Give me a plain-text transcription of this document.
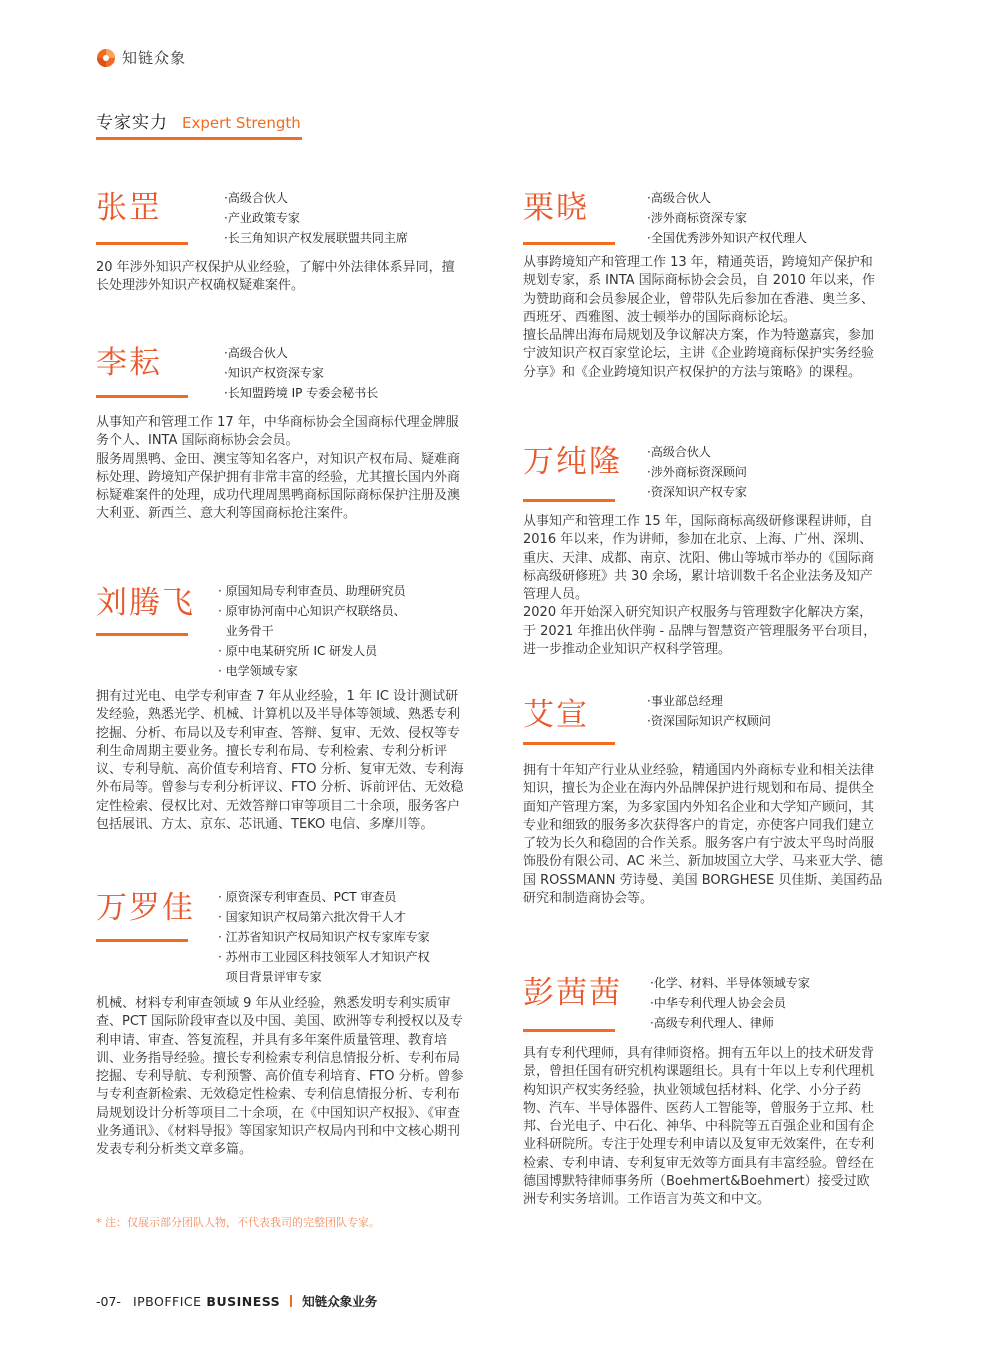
知链众象
专家实力 Expert Strength
张罡	·高级合伙人
·产业政策专家
·长三角知识产权发展联盟共同主席

20 年涉外知识产权保护从业经验，了解中外法律体系异同，擅长处理涉外知识产权确权疑难案件。

李耘	·高级合伙人
·知识产权资深专家
·长知盟跨境 IP 专委会秘书长

从事知产和管理工作 17 年，中华商标协会全国商标代理金牌服务个人、INTA 国际商标协会会员。

服务周黑鸭、金田、澳宝等知名客户，对知识产权布局、疑难商标处理、跨境知产保护拥有非常丰富的经验，尤其擅长国内外商标疑难案件的处理，成功代理周黑鸭商标国际商标保护注册及澳大利亚、新西兰、意大利等国商标抢注案件。

刘腾飞	· 原国知局专利审查员、助理研究员
· 原审协河南中心知识产权联络员、
业务骨干
· 原中电某研究所 IC 研发人员
· 电学领域专家

拥有过光电、电学专利审查 7 年从业经验，1 年 IC 设计测试研发经验，熟悉光学、机械、计算机以及半导体等领域、熟悉专利挖掘、分析、布局以及专利审查、答辩、复审、无效、侵权等专利生命周期主要业务。擅长专利布局、专利检索、专利分析评议、专利导航、高价值专利培育、FTO 分析、复审无效、专利海外布局等。曾参与专利分析评议、FTO 分析、诉前评估、无效稳定性检索、侵权比对、无效答辩口审等项目二十余项，服务客户包括展讯、方太、京东、芯讯通、TEKO 电信、多摩川等。

万罗佳	· 原资深专利审查员、PCT 审查员
· 国家知识产权局第六批次骨干人才
· 江苏省知识产权局知识产权专家库专家
· 苏州市工业园区科技领军人才知识产权
项目背景评审专家

机械、材料专利审查领域 9 年从业经验，熟悉发明专利实质审查、PCT 国际阶段审查以及中国、美国、欧洲等专利授权以及专利申请、审查、答复流程，并具有多年案件质量管理、教育培训、业务指导经验。擅长专利检索专利信息情报分析、专利布局挖掘、专利导航、专利预警、高价值专利培育、FTO 分析。曾参与专利查新检索、无效稳定性检索、专利信息情报分析、专利布局规划设计分析等项目二十余项，在《中国知识产权报》、《审查业务通讯》、《材料导报》等国家知识产权局内刊和中文核心期刊发表专利分析类文章多篇。

栗晓	·高级合伙人
·涉外商标资深专家
·全国优秀涉外知识产权代理人

从事跨境知产和管理工作 13 年，精通英语，跨境知产保护和规划专家，系 INTA 国际商标协会会员，自 2010 年以来，作为赞助商和会员参展企业，曾带队先后参加在香港、奥兰多、西班牙、西雅图、波士顿举办的国际商标论坛。

擅长品牌出海布局规划及争议解决方案，作为特邀嘉宾，参加宁波知识产权百家堂论坛，主讲《企业跨境商标保护实务经验分享》和《企业跨境知识产权保护的方法与策略》的课程。

万纯隆	·高级合伙人
·涉外商标资深顾问
·资深知识产权专家

从事知产和管理工作 15 年，国际商标高级研修课程讲师，自 2016 年以来，作为讲师，参加在北京、上海、广州、深圳、重庆、天津、成都、南京、沈阳、佛山等城市举办的《国际商标高级研修班》共 30 余场，累计培训数千名企业法务及知产管理人员。

2020 年开始深入研究知识产权服务与管理数字化解决方案，于 2021 年推出伙伴驹 - 品牌与智慧资产管理服务平台项目，进一步推动企业知识产权科学管理。

艾宣	·事业部总经理
·资深国际知识产权顾问

拥有十年知产行业从业经验，精通国内外商标专业和相关法律知识，擅长为企业在海内外品牌保护进行规划和布局、提供全面知产管理方案，为多家国内外知名企业和大学知产顾问，其专业和细致的服务多次获得客户的肯定，亦使客户同我们建立了较为长久和稳固的合作关系。服务客户有宁波太平鸟时尚服饰股份有限公司、AC 米兰、新加坡国立大学、马来亚大学、德国 ROSSMANN 劳诗曼、美国 BORGHESE 贝佳斯、美国药品研究和制造商协会等。

彭茜茜	·化学、材料、半导体领域专家
·中华专利代理人协会会员
·高级专利代理人、律师

具有专利代理师，具有律师资格。拥有五年以上的技术研发背景，曾担任国有研究机构课题组长。具有十年以上专利代理机构知识产权实务经验，执业领域包括材料、化学、小分子药物、汽车、半导体器件、医药人工智能等，曾服务于立邦、杜邦、台光电子、中石化、神华、中科院等五百强企业和国有企业科研院所。专注于处理专利申请以及复审无效案件，在专利检索、专利申请、专利复审无效等方面具有丰富经验。曾经在德国博默特律师事务所（Boehmert&Boehmert）接受过欧洲专利实务培训。工作语言为英文和中文。

* 注：仅展示部分团队人物，不代表我司的完整团队专家。
-07- IPBOFFICE BUSINESS 知链众象业务
